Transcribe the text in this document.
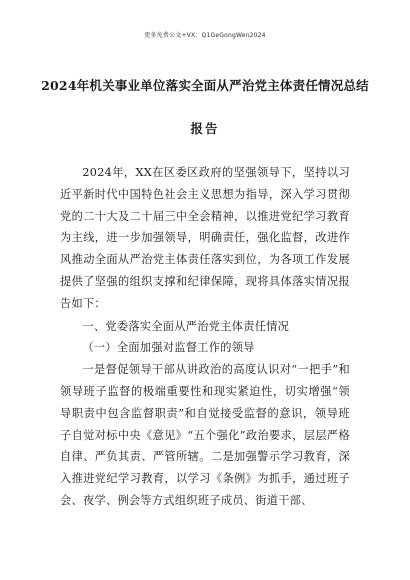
更多免费公文+VX：Q1GeGongWen2024
2024年机关事业单位落实全面从严治党主体责任情况总结
报告

2024年，XX在区委区政府的坚强领导下，坚持以习近平新时代中国特色社会主义思想为指导，深入学习贯彻党的二十大及二十届三中全会精神，以推进党纪学习教育为主线，进一步加强领导，明确责任，强化监督，改进作风推动全面从严治党主体责任落实到位，为各项工作发展提供了坚强的组织支撑和纪律保障，现将具体落实情况报告如下：

一、党委落实全面从严治党主体责任情况

（一）全面加强对监督工作的领导

一是督促领导干部从讲政治的高度认识对“一把手”和领导班子监督的极端重要性和现实紧迫性，切实增强“领导职责中包含监督职责”和自觉接受监督的意识，领导班子自觉对标中央《意见》“五个强化”政治要求，层层严格自律、严负其责、严管所辖。二是加强警示学习教育，深入推进党纪学习教育，以学习《条例》为抓手，通过班子会、夜学、例会等方式组织班子成员、街道干部、
